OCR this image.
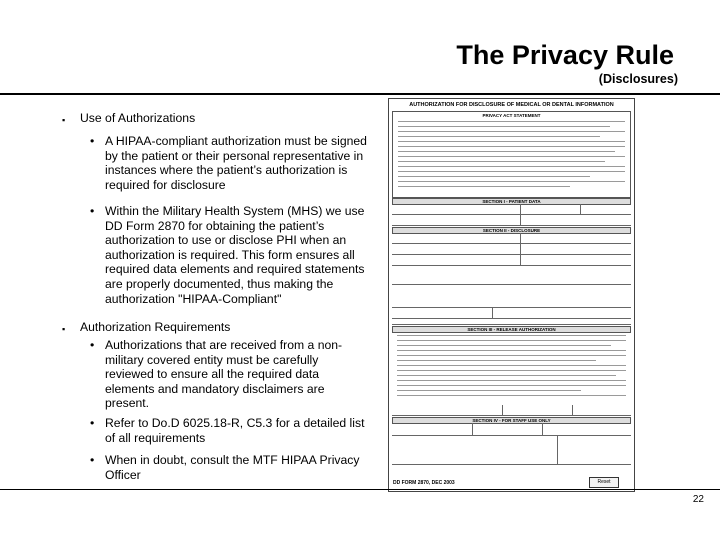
The Privacy Rule
(Disclosures)
▪ Use of Authorizations
• A HIPAA-compliant authorization must be signed by the patient or their personal representative in instances where the patient’s authorization is required for disclosure
• Within the Military Health System (MHS) we use DD Form 2870 for obtaining the patient’s authorization to use or disclose PHI when an authorization is required. This form ensures all required data elements and required statements are properly documented, thus making the authorization "HIPAA-Compliant"
▪ Authorization Requirements
• Authorizations that are received from a non-military covered entity must be carefully reviewed to ensure all the required data elements and mandatory disclaimers are present.
• Refer to Do.D 6025.18-R, C5.3 for a detailed list of all requirements
• When in doubt, consult the MTF HIPAA Privacy Officer
AUTHORIZATION FOR DISCLOSURE OF MEDICAL OR DENTAL INFORMATION
PRIVACY ACT STATEMENT
SECTION I - PATIENT DATA
SECTION II - DISCLOSURE
SECTION III - RELEASE AUTHORIZATION
SECTION IV - FOR STAFF USE ONLY
DD FORM 2870, DEC 2003	Reset
22
